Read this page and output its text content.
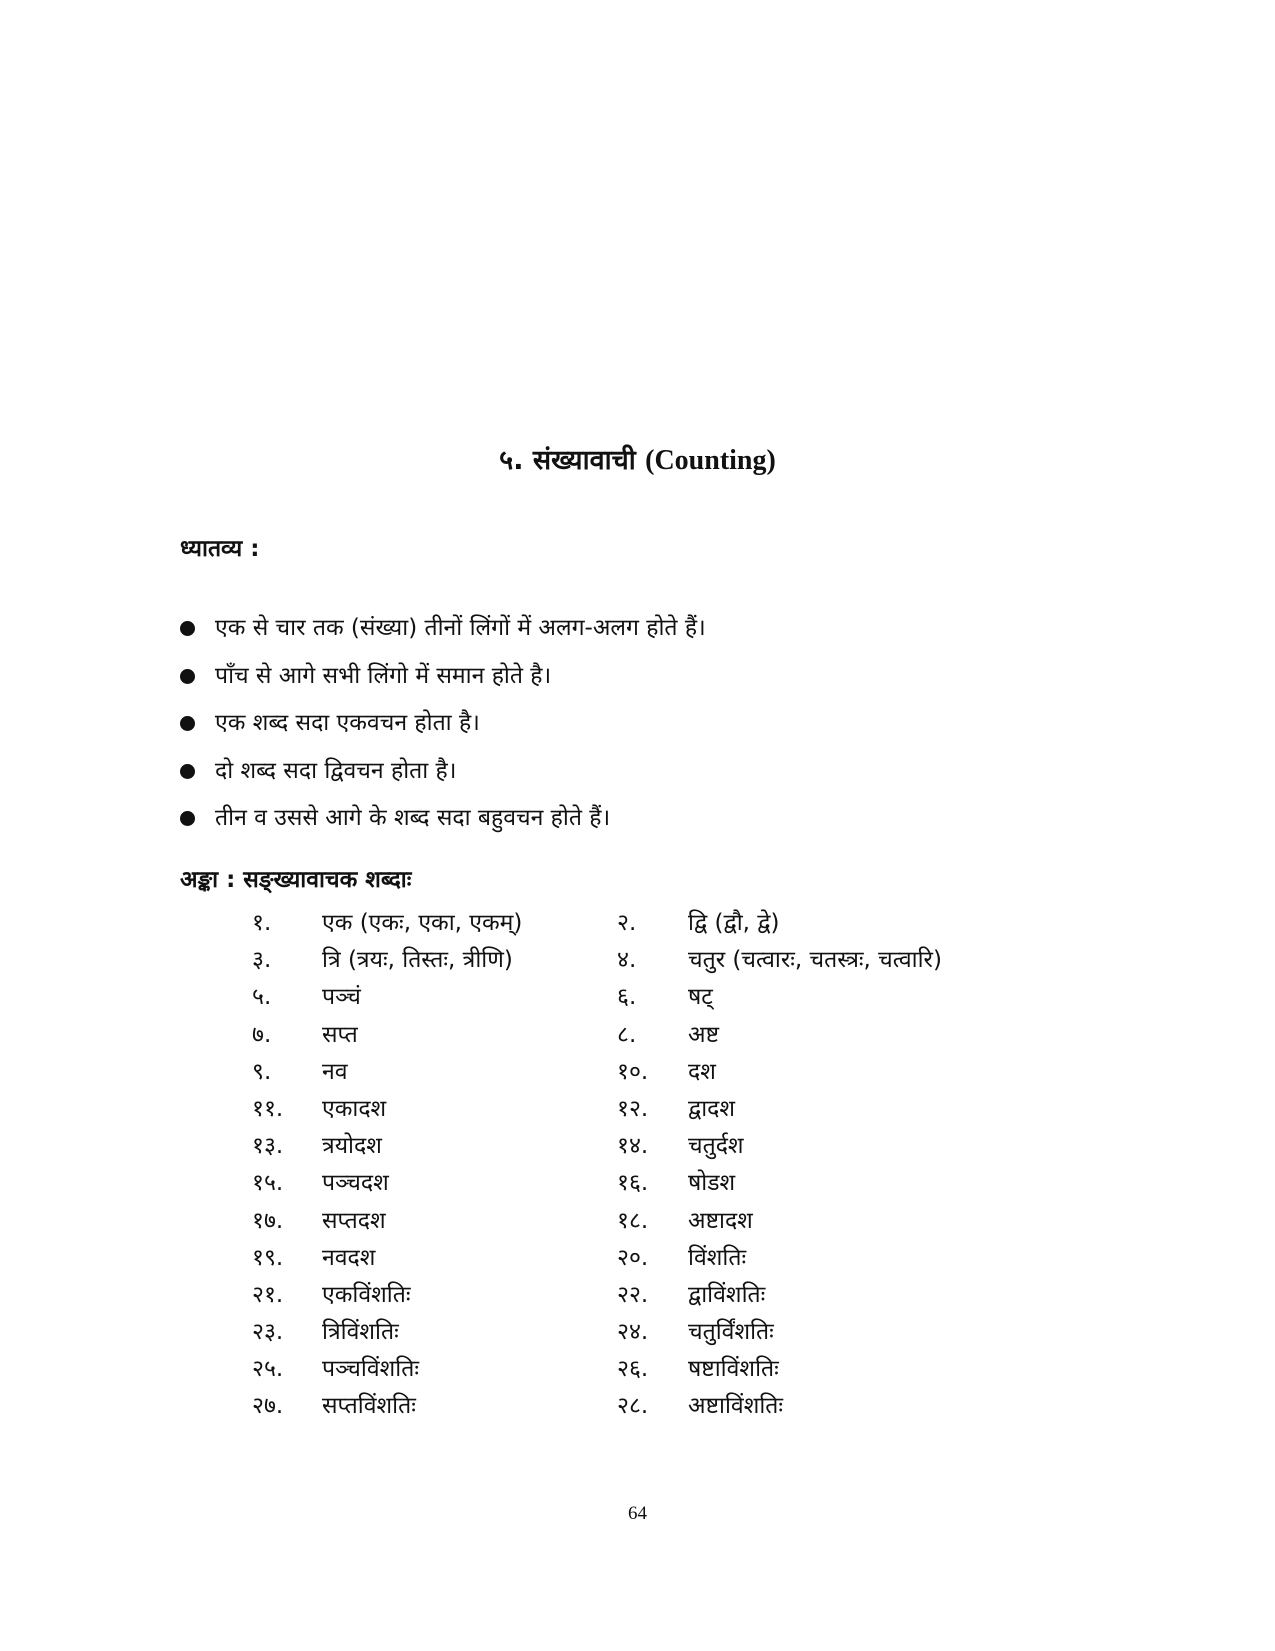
५. संख्यावाची (Counting)
ध्यातव्य :
एक से चार तक (संख्या) तीनों लिंगों में अलग-अलग होते हैं।
पाँच से आगे सभी लिंगो में समान होते है।
एक शब्द सदा एकवचन होता है।
दो शब्द सदा द्विवचन होता है।
तीन व उससे आगे के शब्द सदा बहुवचन होते हैं।
अङ्का : सङ्ख्यावाचक शब्दाः
१. एक (एकः, एका, एकम्)	२. द्वि (द्वौ, द्वे)
३. त्रि (त्रयः, तिस्तः, त्रीणि)	४. चतुर (चत्वारः, चतस्त्रः, चत्वारि)
५. पञ्चं	६. षट्
७. सप्त	८. अष्ट
९. नव	१०. दश
११. एकादश	१२. द्वादश
१३. त्रयोदश	१४. चतुर्दश
१५. पञ्चदश	१६. षोडश
१७. सप्तदश	१८. अष्टादश
१९. नवदश	२०. विंशतिः
२१. एकविंशतिः	२२. द्वाविंशतिः
२३. त्रिविंशतिः	२४. चतुर्विंशतिः
२५. पञ्चविंशतिः	२६. षष्टाविंशतिः
२७. सप्तविंशतिः	२८. अष्टाविंशतिः
64
